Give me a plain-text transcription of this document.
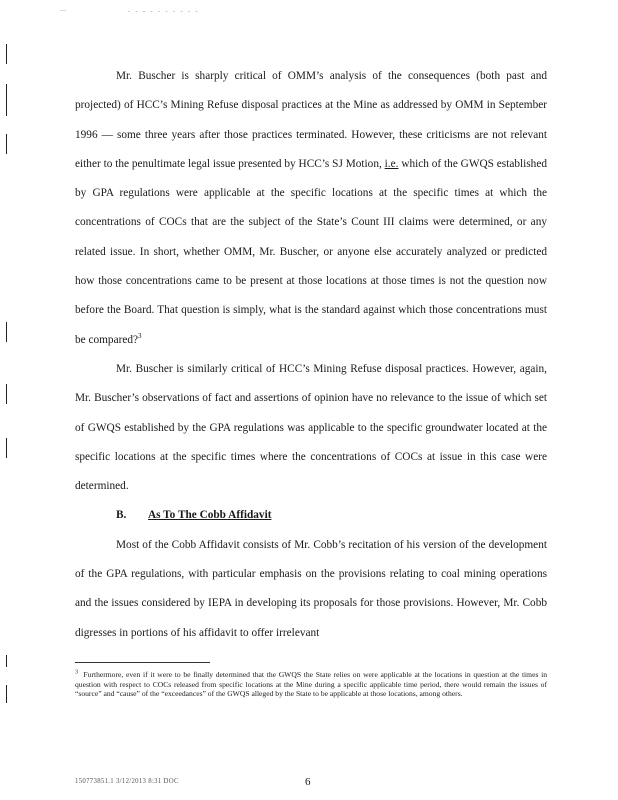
—	- - - - - - - - - -

Mr. Buscher is sharply critical of OMM’s analysis of the consequences (both past and projected) of HCC’s Mining Refuse disposal practices at the Mine as addressed by OMM in September 1996 — some three years after those practices terminated. However, these criticisms are not relevant either to the penultimate legal issue presented by HCC’s SJ Motion, i.e. which of the GWQS established by GPA regulations were applicable at the specific locations at the specific times at which the concentrations of COCs that are the subject of the State’s Count III claims were determined, or any related issue. In short, whether OMM, Mr. Buscher, or anyone else accurately analyzed or predicted how those concentrations came to be present at those locations at those times is not the question now before the Board. That question is simply, what is the standard against which those concentrations must be compared?$^3$

Mr. Buscher is similarly critical of HCC’s Mining Refuse disposal practices. However, again, Mr. Buscher’s observations of fact and assertions of opinion have no relevance to the issue of which set of GWQS established by the GPA regulations was applicable to the specific groundwater located at the specific locations at the specific times where the concentrations of COCs at issue in this case were determined.

B. As To The Cobb Affidavit

Most of the Cobb Affidavit consists of Mr. Cobb’s recitation of his version of the development of the GPA regulations, with particular emphasis on the provisions relating to coal mining operations and the issues considered by IEPA in developing its proposals for those provisions. However, Mr. Cobb digresses in portions of his affidavit to offer irrelevant

$^3$ Furthermore, even if it were to be finally determined that the GWQS the State relies on were applicable at the locations in question at the times in question with respect to COCs released from specific locations at the Mine during a specific applicable time period, there would remain the issues of “source” and “cause” of the “exceedances” of the GWQS alleged by the State to be applicable at those locations, among others.

150773851.1 3/12/2013 8:31 DOC	6
